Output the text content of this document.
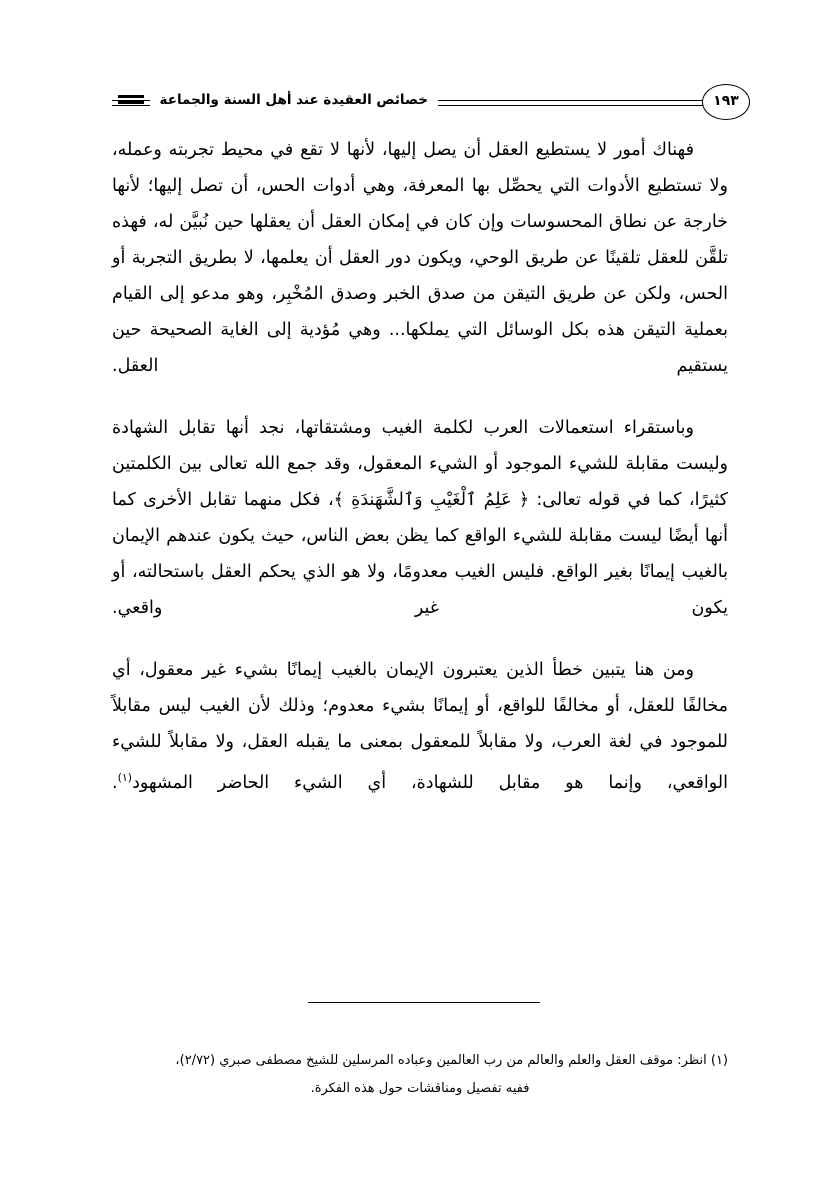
خصائص العقيدة عند أهل السنة والجماعة	١٩٣

فهناك أمور لا يستطيع العقل أن يصل إليها، لأنها لا تقع في محيط تجربته وعمله، ولا تستطيع الأدوات التي يحصِّل بها المعرفة، وهي أدوات الحس، أن تصل إليها؛ لأنها خارجة عن نطاق المحسوسات وإن كان في إمكان العقل أن يعقلها حين نُبيَّن له، فهذه تلقَّن للعقل تلقينًا عن طريق الوحي، ويكون دور العقل أن يعلمها، لا بطريق التجربة أو الحس، ولكن عن طريق التيقن من صدق الخبر وصدق المُخْبِر، وهو مدعو إلى القيام بعملية التيقن هذه بكل الوسائل التي يملكها... وهي مُؤدية إلى الغاية الصحيحة حين يستقيم العقل.

وباستقراء استعمالات العرب لكلمة الغيب ومشتقاتها، نجد أنها تقابل الشهادة وليست مقابلة للشيء الموجود أو الشيء المعقول، وقد جمع الله تعالى بين الكلمتين كثيرًا، كما في قوله تعالى: ﴿ عَلِمُ ٱلْغَيْبِ وَٱلشَّهَندَةِ ﴾، فكل منهما تقابل الأخرى كما أنها أيضًا ليست مقابلة للشيء الواقع كما يظن بعض الناس، حيث يكون عندهم الإيمان بالغيب إيمانًا بغير الواقع. فليس الغيب معدومًا، ولا هو الذي يحكم العقل باستحالته، أو يكون غير واقعي.

ومن هنا يتبين خطأ الذين يعتبرون الإيمان بالغيب إيمانًا بشيء غير معقول، أي مخالفًا للعقل، أو مخالفًا للواقع، أو إيمانًا بشيء معدوم؛ وذلك لأن الغيب ليس مقابلاً للموجود في لغة العرب، ولا مقابلاً للمعقول بمعنى ما يقبله العقل، ولا مقابلاً للشيء الواقعي، وإنما هو مقابل للشهادة، أي الشيء الحاضر المشهود$^{(١)}$.

(١) انظر: موقف العقل والعلم والعالم من رب العالمين وعباده المرسلين للشيخ مصطفى صبري (٢/٧٢)،
ففيه تفصيل ومناقشات حول هذه الفكرة.
